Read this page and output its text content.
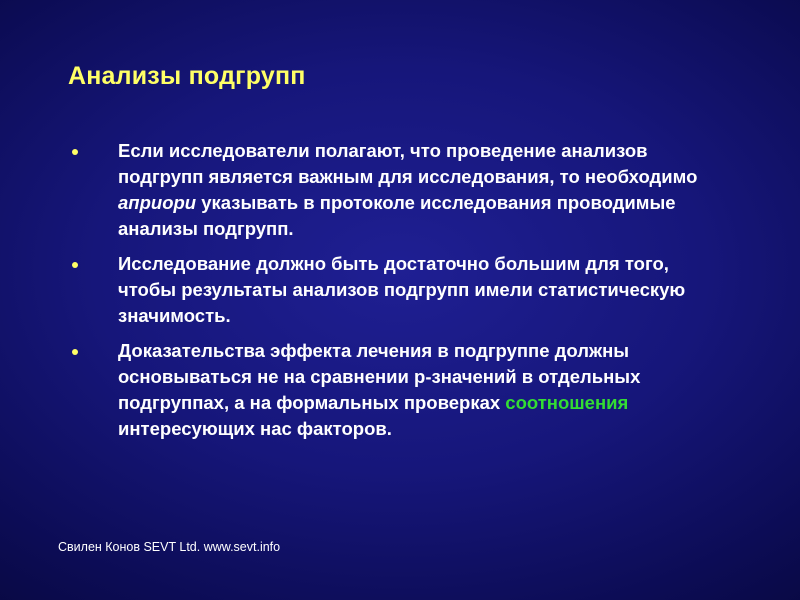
Анализы подгрупп
Если исследователи полагают, что проведение анализов подгрупп является важным для исследования, то необходимо априори указывать в протоколе исследования проводимые анализы подгрупп.
Исследование должно быть достаточно большим для того, чтобы результаты анализов подгрупп имели статистическую значимость.
Доказательства эффекта лечения в подгруппе должны основываться не на сравнении р-значений в отдельных подгруппах, а на формальных проверках соотношения интересующих нас факторов.
Свилен Конов SEVT Ltd. www.sevt.info
